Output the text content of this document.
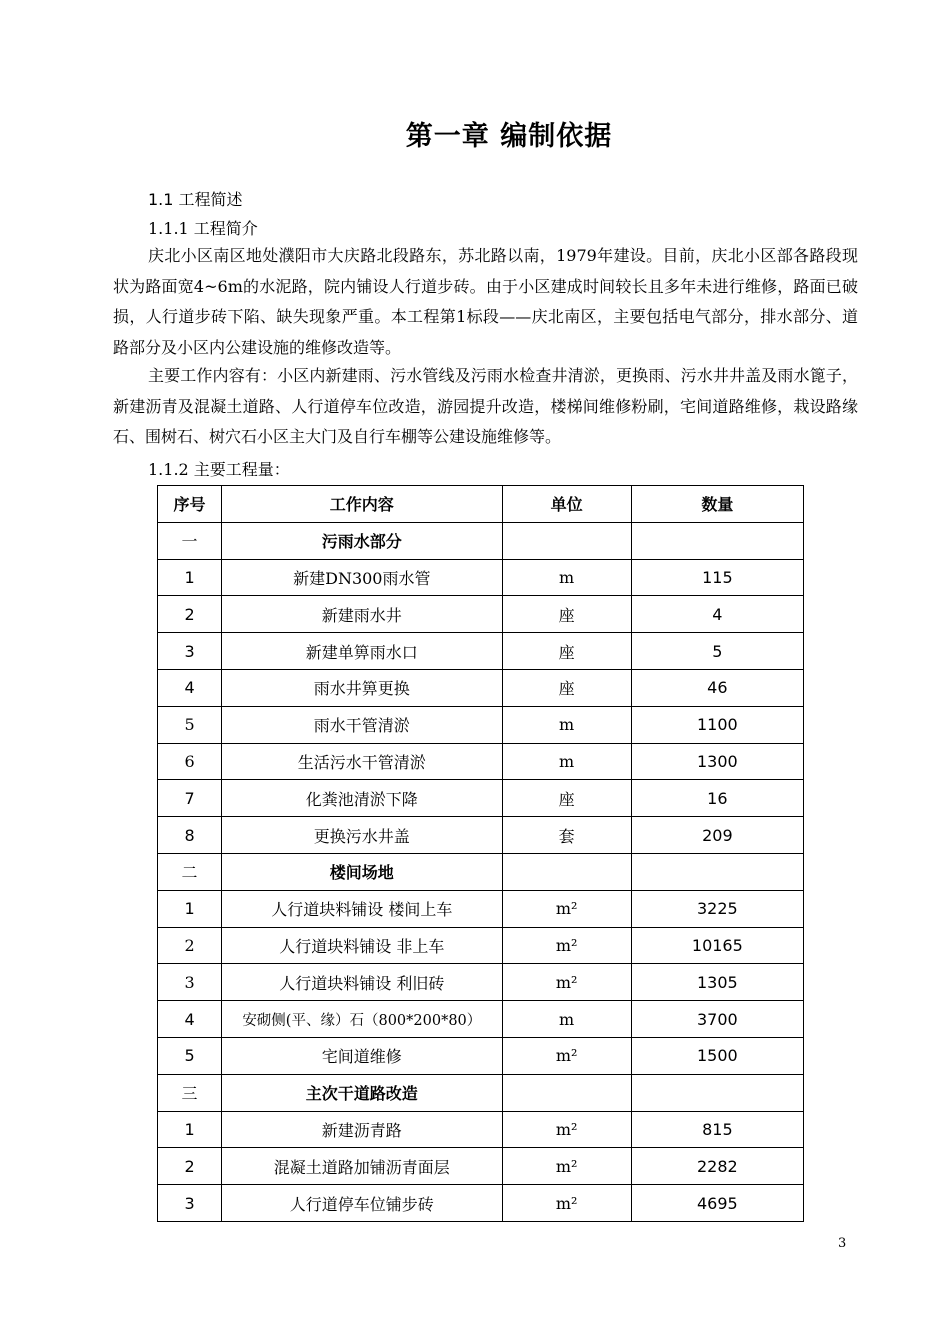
第一章 编制依据
1.1 工程简述
1.1.1 工程简介

庆北小区南区地处濮阳市大庆路北段路东，苏北路以南，1979年建设。目前，庆北小区部各路段现状为路面宽4~6m的水泥路，院内铺设人行道步砖。由于小区建成时间较长且多年未进行维修，路面已破损，人行道步砖下陷、缺失现象严重。本工程第1标段——庆北南区，主要包括电气部分，排水部分、道路部分及小区内公建设施的维修改造等。

主要工作内容有：小区内新建雨、污水管线及污雨水检查井清淤，更换雨、污水井井盖及雨水篦子，新建沥青及混凝土道路、人行道停车位改造，游园提升改造，楼梯间维修粉刷，宅间道路维修，栽设路缘石、围树石、树穴石小区主大门及自行车棚等公建设施维修等。

1.1.2 主要工程量：
序号	工作内容	单位	数量
一	污雨水部分		
1	新建DN300雨水管	m	115
2	新建雨水井	座	4
3	新建单箅雨水口	座	5
4	雨水井箅更换	座	46
5	雨水干管清淤	m	1100
6	生活污水干管清淤	m	1300
7	化粪池清淤下降	座	16
8	更换污水井盖	套	209
二	楼间场地		
1	人行道块料铺设 楼间上车	m²	3225
2	人行道块料铺设 非上车	m²	10165
3	人行道块料铺设 利旧砖	m²	1305
4	安砌侧(平、缘）石（800*200*80）	m	3700
5	宅间道维修	m²	1500
三	主次干道路改造		
1	新建沥青路	m²	815
2	混凝土道路加铺沥青面层	m²	2282
3	人行道停车位铺步砖	m²	4695
3
